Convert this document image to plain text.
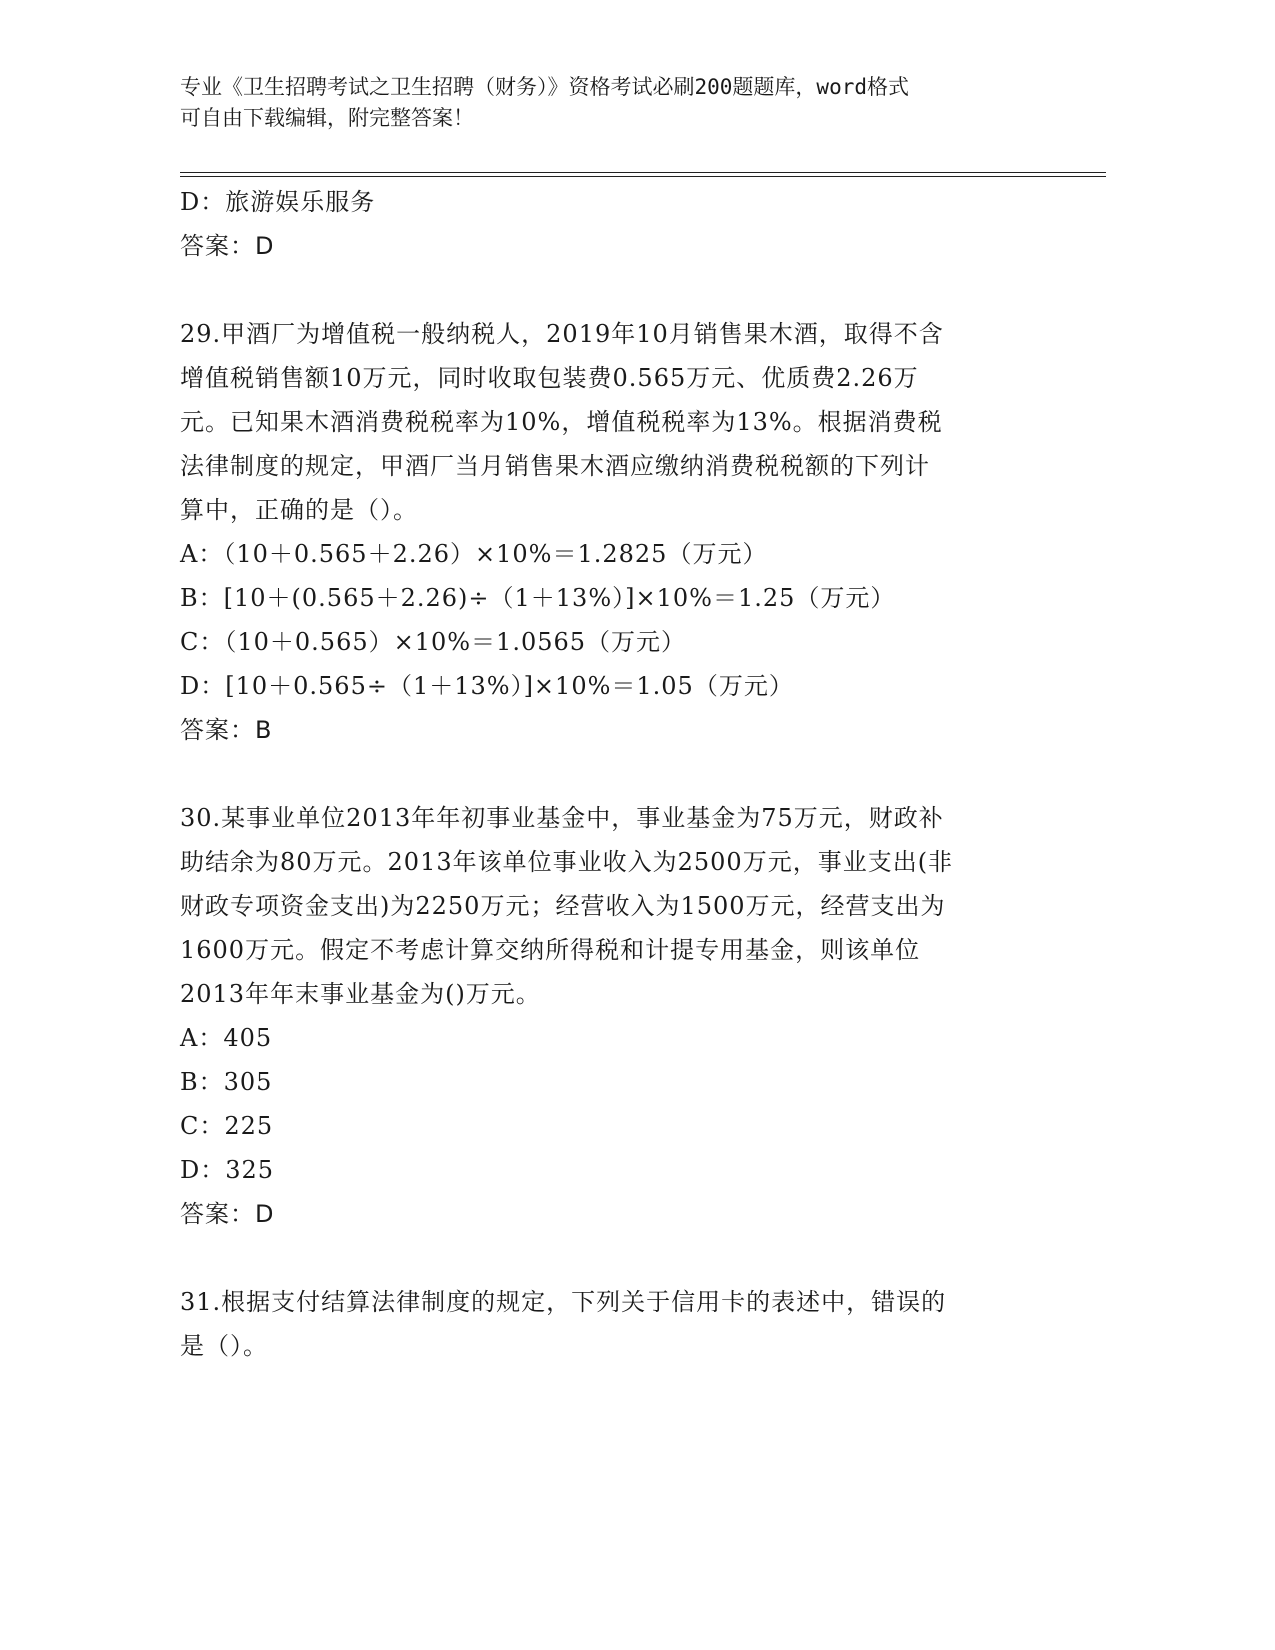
专业《卫生招聘考试之卫生招聘（财务）》资格考试必刷200题题库，word格式
可自由下载编辑，附完整答案！
D：旅游娱乐服务
答案：D
29.甲酒厂为增值税一般纳税人，2019年10月销售果木酒，取得不含
增值税销售额10万元，同时收取包装费0.565万元、优质费2.26万
元。已知果木酒消费税税率为10%，增值税税率为13%。根据消费税
法律制度的规定，甲酒厂当月销售果木酒应缴纳消费税税额的下列计
算中，正确的是（）。
A：（10＋0.565＋2.26）×10%＝1.2825（万元）
B：[10＋(0.565＋2.26)÷（1＋13%）]×10%＝1.25（万元）
C：（10＋0.565）×10%＝1.0565（万元）
D：[10＋0.565÷（1＋13%）]×10%＝1.05（万元）
答案：B
30.某事业单位2013年年初事业基金中，事业基金为75万元，财政补
助结余为80万元。2013年该单位事业收入为2500万元，事业支出(非
财政专项资金支出)为2250万元；经营收入为1500万元，经营支出为
1600万元。假定不考虑计算交纳所得税和计提专用基金，则该单位
2013年年末事业基金为()万元。
A：405
B：305
C：225
D：325
答案：D
31.根据支付结算法律制度的规定，下列关于信用卡的表述中，错误的
是（）。
